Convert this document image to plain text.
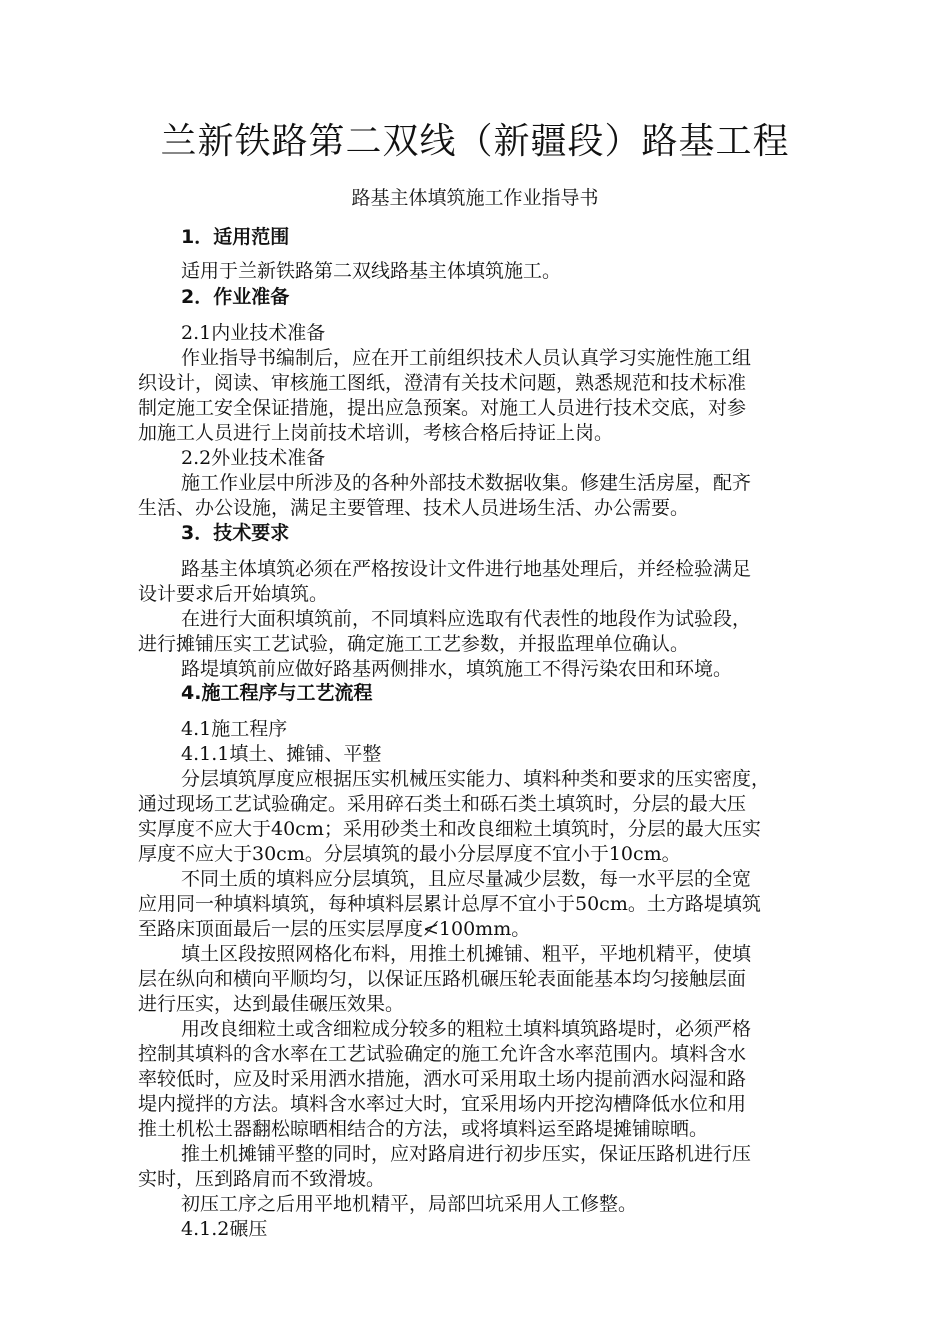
兰新铁路第二双线（新疆段）路基工程
路基主体填筑施工作业指导书
1．适用范围
适用于兰新铁路第二双线路基主体填筑施工。
2．作业准备
2.1内业技术准备
作业指导书编制后，应在开工前组织技术人员认真学习实施性施工组
织设计，阅读、审核施工图纸，澄清有关技术问题，熟悉规范和技术标准
制定施工安全保证措施，提出应急预案。对施工人员进行技术交底，对参
加施工人员进行上岗前技术培训，考核合格后持证上岗。
2.2外业技术准备
施工作业层中所涉及的各种外部技术数据收集。修建生活房屋，配齐
生活、办公设施，满足主要管理、技术人员进场生活、办公需要。
3．技术要求
路基主体填筑必须在严格按设计文件进行地基处理后，并经检验满足
设计要求后开始填筑。
在进行大面积填筑前，不同填料应选取有代表性的地段作为试验段，
进行摊铺压实工艺试验，确定施工工艺参数，并报监理单位确认。
路堤填筑前应做好路基两侧排水，填筑施工不得污染农田和环境。
4.施工程序与工艺流程
4.1施工程序
4.1.1填土、摊铺、平整
分层填筑厚度应根据压实机械压实能力、填料种类和要求的压实密度，
通过现场工艺试验确定。采用碎石类土和砾石类土填筑时，分层的最大压
实厚度不应大于40cm；采用砂类土和改良细粒土填筑时，分层的最大压实
厚度不应大于30cm。分层填筑的最小分层厚度不宜小于10cm。
不同土质的填料应分层填筑，且应尽量减少层数，每一水平层的全宽
应用同一种填料填筑，每种填料层累计总厚不宜小于50cm。土方路堤填筑
至路床顶面最后一层的压实层厚度≮100mm。
填土区段按照网格化布料，用推土机摊铺、粗平，平地机精平，使填
层在纵向和横向平顺均匀，以保证压路机碾压轮表面能基本均匀接触层面
进行压实，达到最佳碾压效果。
用改良细粒土或含细粒成分较多的粗粒土填料填筑路堤时，必须严格
控制其填料的含水率在工艺试验确定的施工允许含水率范围内。填料含水
率较低时，应及时采用洒水措施，洒水可采用取土场内提前洒水闷湿和路
堤内搅拌的方法。填料含水率过大时，宜采用场内开挖沟槽降低水位和用
推土机松土器翻松晾晒相结合的方法，或将填料运至路堤摊铺晾晒。
推土机摊铺平整的同时，应对路肩进行初步压实，保证压路机进行压
实时，压到路肩而不致滑坡。
初压工序之后用平地机精平，局部凹坑采用人工修整。
4.1.2碾压
